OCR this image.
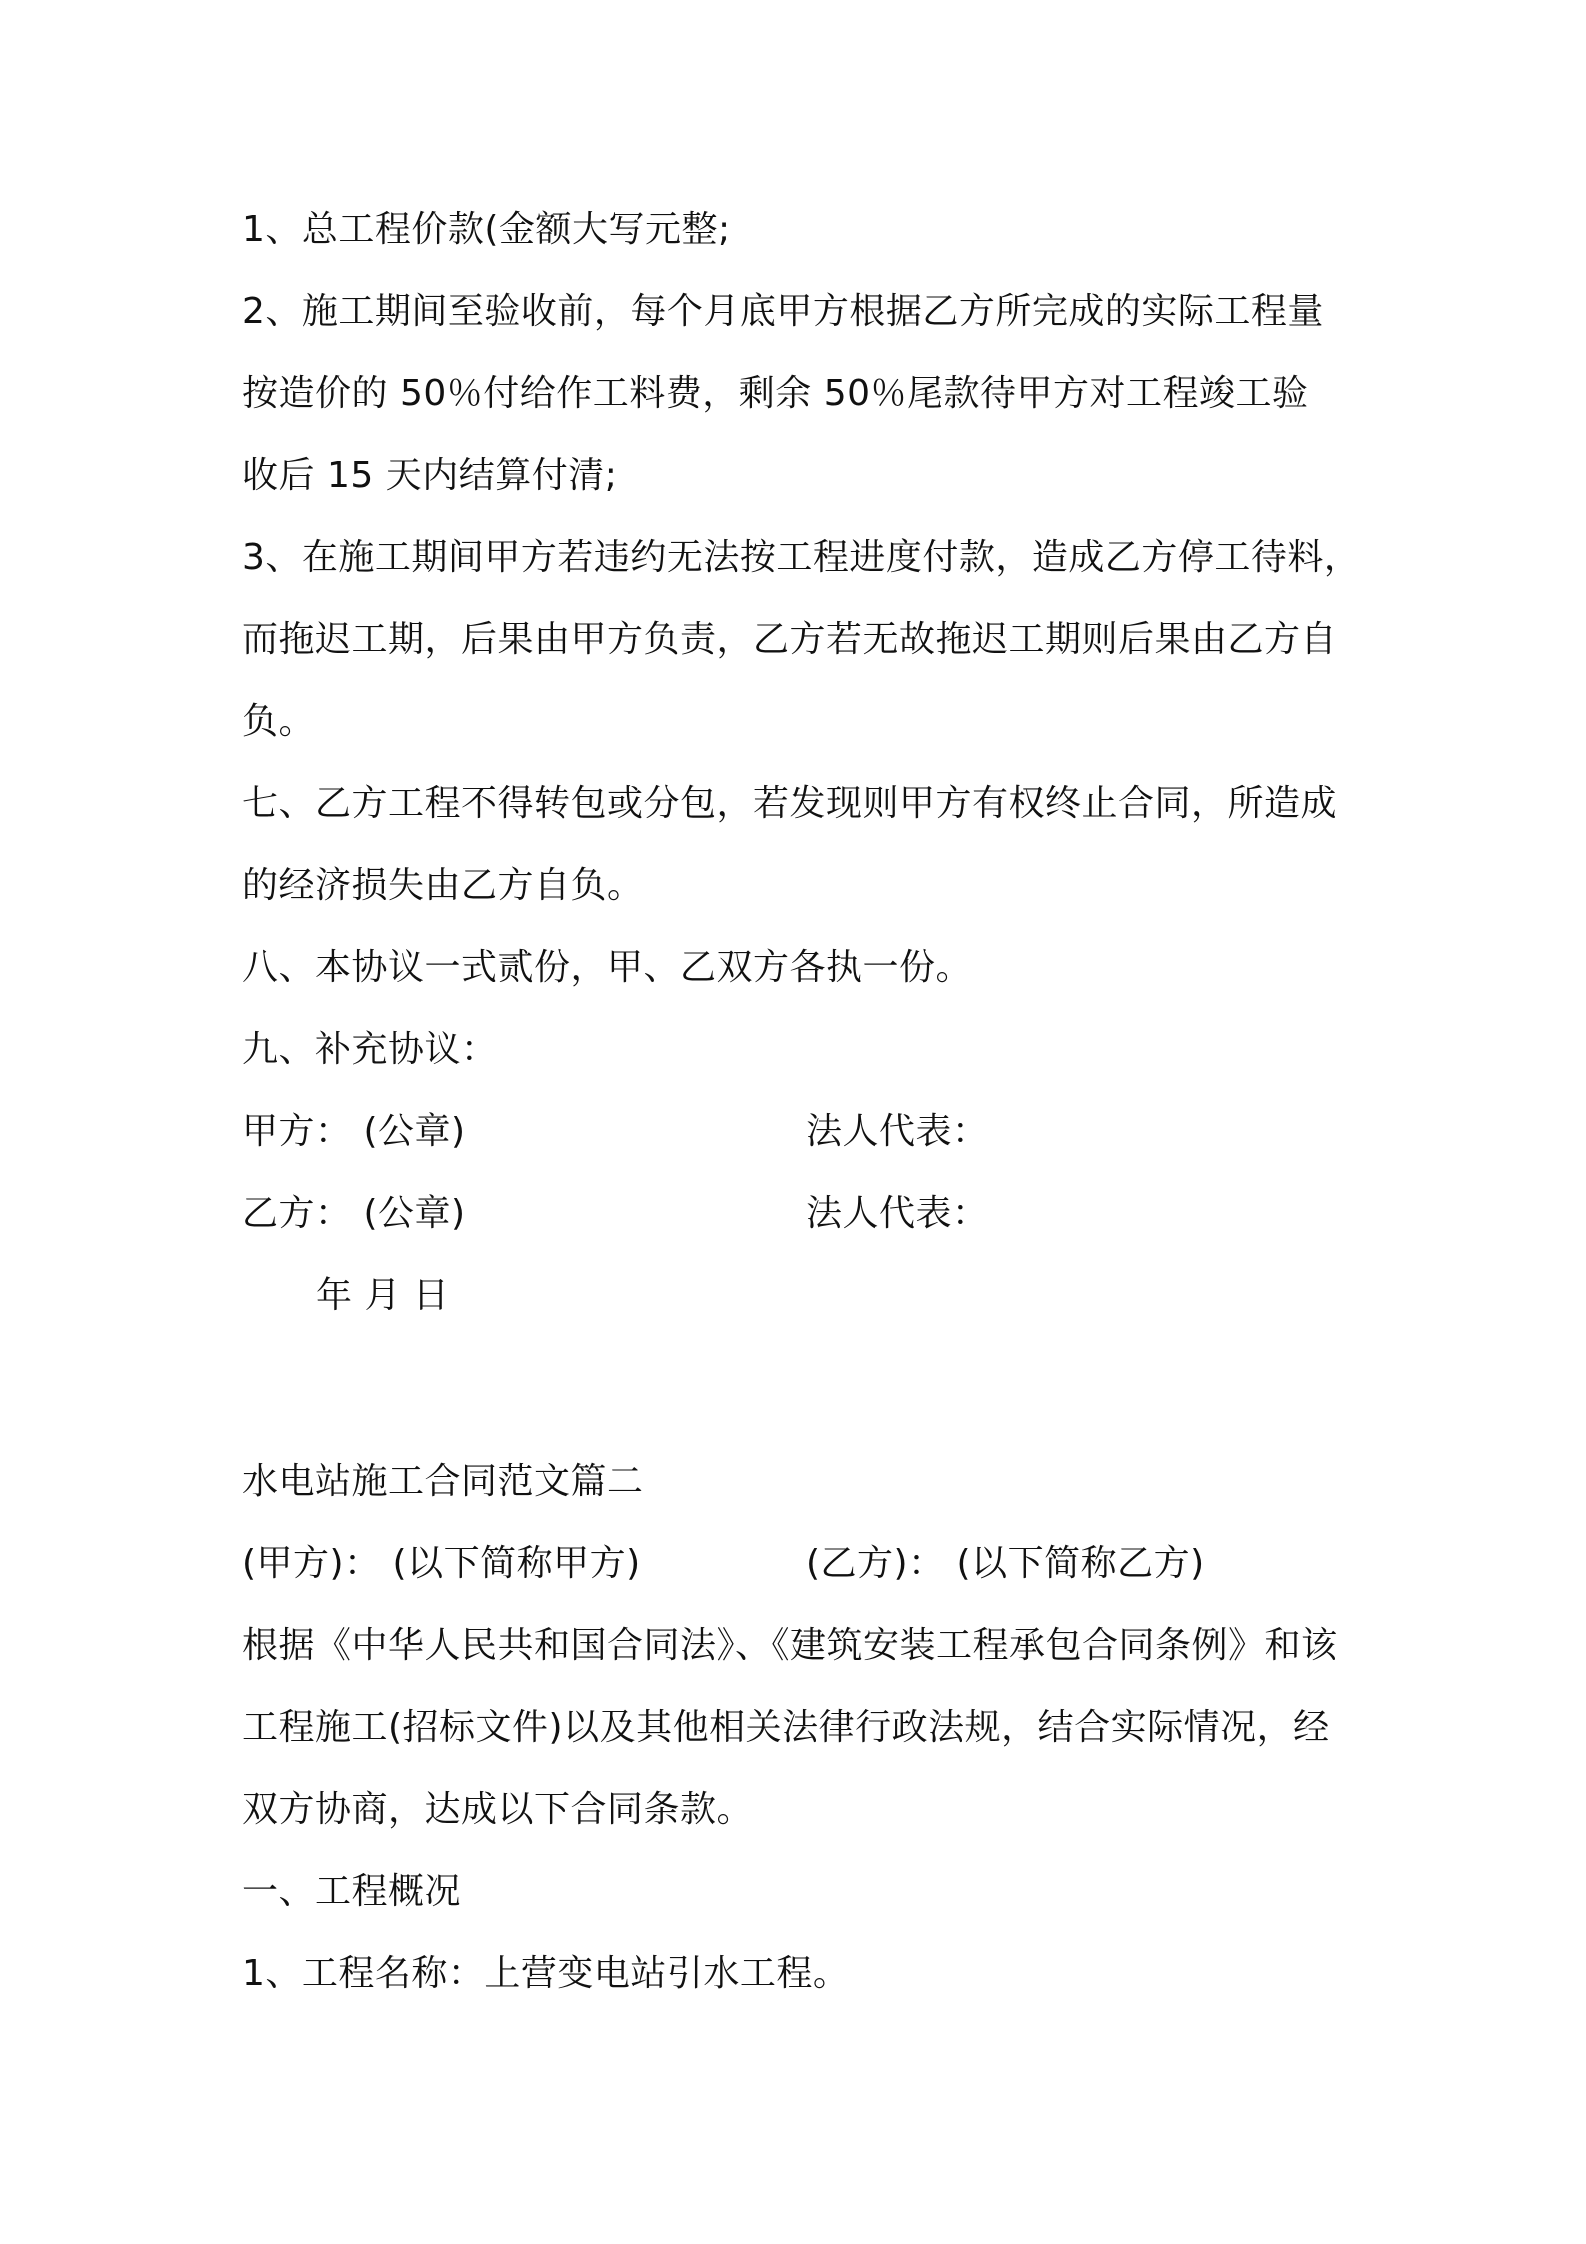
1、总工程价款(金额大写元整;
2、施工期间至验收前，每个月底甲方根据乙方所完成的实际工程量
按造价的 50％付给作工料费，剩余 50％尾款待甲方对工程竣工验
收后 15 天内结算付清;
3、在施工期间甲方若违约无法按工程进度付款，造成乙方停工待料，
而拖迟工期，后果由甲方负责，乙方若无故拖迟工期则后果由乙方自
负。
七、乙方工程不得转包或分包，若发现则甲方有权终止合同，所造成
的经济损失由乙方自负。
八、本协议一式贰份，甲、乙双方各执一份。
九、补充协议：
甲方： (公章)	法人代表：
乙方： (公章)	法人代表：
年 月 日
水电站施工合同范文篇二
(甲方)： (以下简称甲方)	(乙方)： (以下简称乙方)
根据《中华人民共和国合同法》、《建筑安装工程承包合同条例》和该
工程施工(招标文件)以及其他相关法律行政法规，结合实际情况，经
双方协商，达成以下合同条款。
一、工程概况
1、工程名称：上营变电站引水工程。
